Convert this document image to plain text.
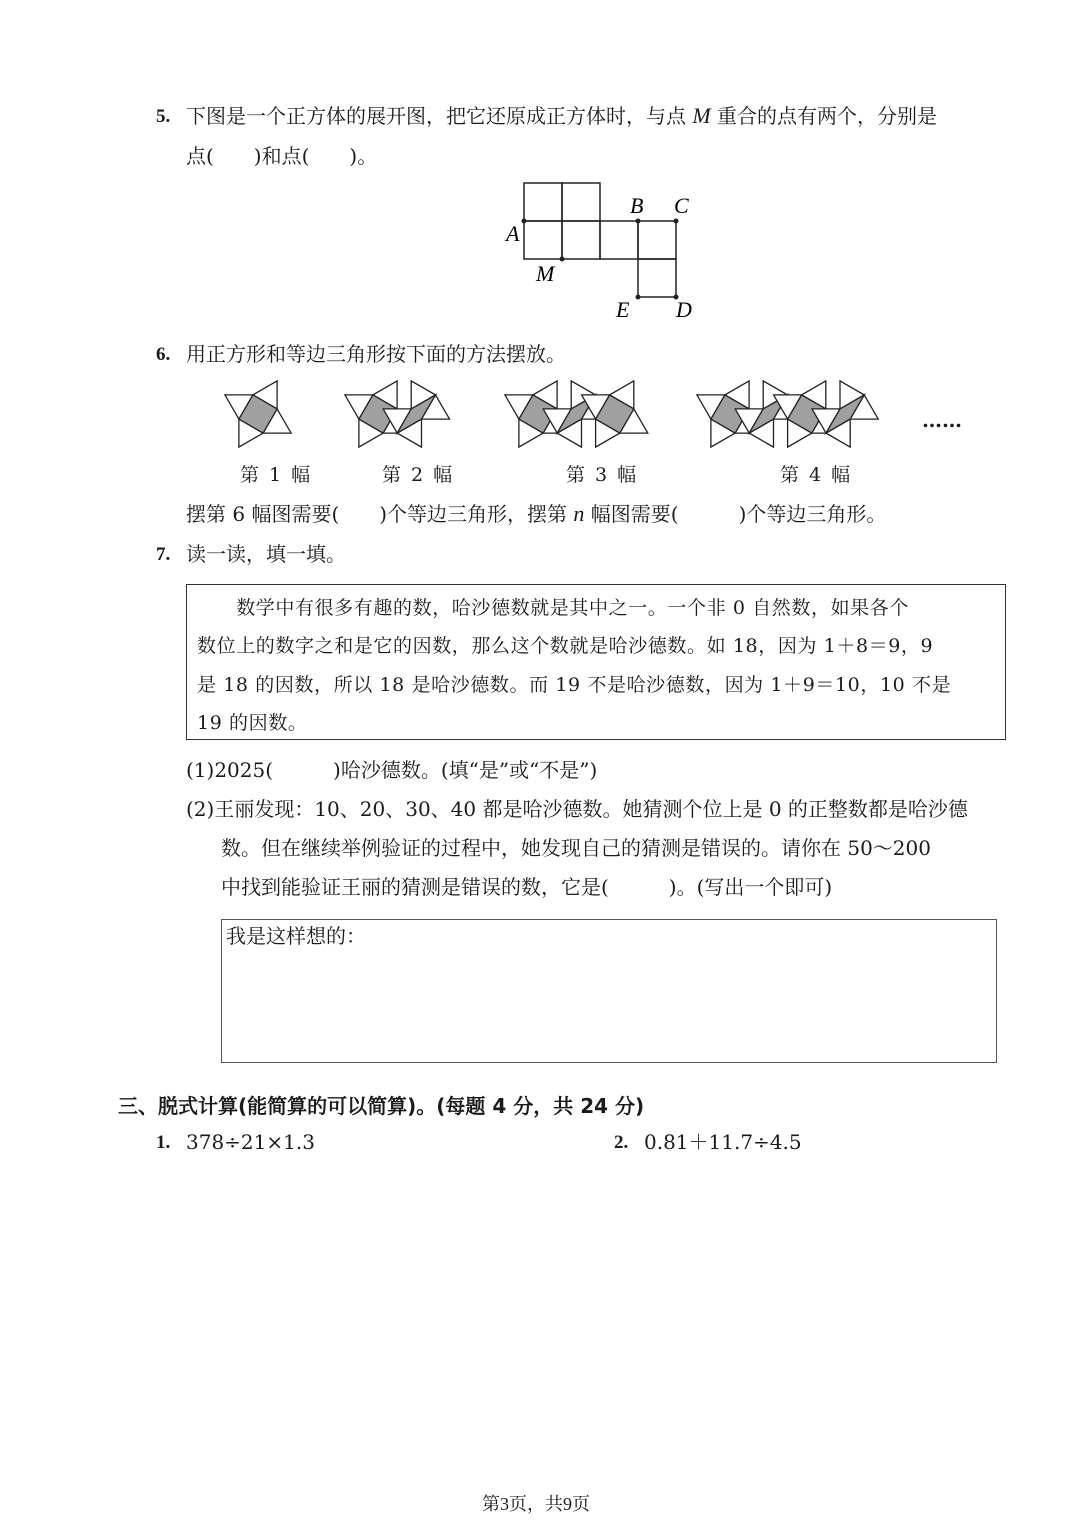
5. 下图是一个正方体的展开图，把它还原成正方体时，与点 M 重合的点有两个，分别是
点(　　)和点(　　)。
A
B C
M
E D
6. 用正方形和等边三角形按下面的方法摆放。
第 1 幅	第 2 幅	第 3 幅	第 4 幅
……
摆第 6 幅图需要(　　)个等边三角形，摆第 n 幅图需要(　　　)个等边三角形。
7. 读一读，填一填。
　　数学中有很多有趣的数，哈沙德数就是其中之一。一个非 0 自然数，如果各个
数位上的数字之和是它的因数，那么这个数就是哈沙德数。如 18，因为 1＋8＝9，9
是 18 的因数，所以 18 是哈沙德数。而 19 不是哈沙德数，因为 1＋9＝10，10 不是
19 的因数。
(1)2025(　　　)哈沙德数。(填“是”或“不是”)
(2)王丽发现：10、20、30、40 都是哈沙德数。她猜测个位上是 0 的正整数都是哈沙德
数。但在继续举例验证的过程中，她发现自己的猜测是错误的。请你在 50～200
中找到能验证王丽的猜测是错误的数，它是(　　　)。(写出一个即可)
我是这样想的：
三、脱式计算(能简算的可以简算)。(每题 4 分，共 24 分)
1. 378÷21×1.3	2. 0.81＋11.7÷4.5
第3页，共9页
